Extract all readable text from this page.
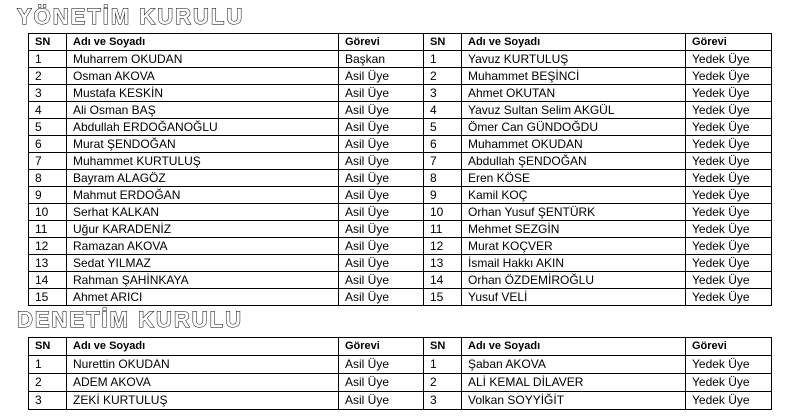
YÖNETİM KURULU
SN	Adı ve Soyadı	Görevi	SN	Adı ve Soyadı	Görevi
1	Muharrem OKUDAN	Başkan	1	Yavuz KURTULUŞ	Yedek Üye
2	Osman AKOVA	Asil Üye	2	Muhammet BEŞİNCİ	Yedek Üye
3	Mustafa KESKİN	Asil Üye	3	Ahmet OKUTAN	Yedek Üye
4	Ali Osman BAŞ	Asil Üye	4	Yavuz Sultan Selim AKGÜL	Yedek Üye
5	Abdullah ERDOĞANOĞLU	Asil Üye	5	Ömer Can GÜNDOĞDU	Yedek Üye
6	Murat ŞENDOĞAN	Asil Üye	6	Muhammet OKUDAN	Yedek Üye
7	Muhammet KURTULUŞ	Asil Üye	7	Abdullah ŞENDOĞAN	Yedek Üye
8	Bayram ALAGÖZ	Asil Üye	8	Eren KÖSE	Yedek Üye
9	Mahmut ERDOĞAN	Asil Üye	9	Kamil KOÇ	Yedek Üye
10	Serhat KALKAN	Asil Üye	10	Orhan Yusuf ŞENTÜRK	Yedek Üye
11	Uğur KARADENİZ	Asil Üye	11	Mehmet SEZGİN	Yedek Üye
12	Ramazan AKOVA	Asil Üye	12	Murat KOÇVER	Yedek Üye
13	Sedat YILMAZ	Asil Üye	13	İsmail Hakkı AKIN	Yedek Üye
14	Rahman ŞAHİNKAYA	Asil Üye	14	Orhan ÖZDEMİROĞLU	Yedek Üye
15	Ahmet ARICI	Asil Üye	15	Yusuf VELİ	Yedek Üye
DENETİM KURULU
SN	Adı ve Soyadı	Görevi	SN	Adı ve Soyadı	Görevi
1	Nurettin OKUDAN	Asil Üye	1	Şaban AKOVA	Yedek Üye
2	ADEM AKOVA	Asil Üye	2	ALİ KEMAL DİLAVER	Yedek Üye
3	ZEKİ KURTULUŞ	Asil Üye	3	Volkan SOYYİĞİT	Yedek Üye
